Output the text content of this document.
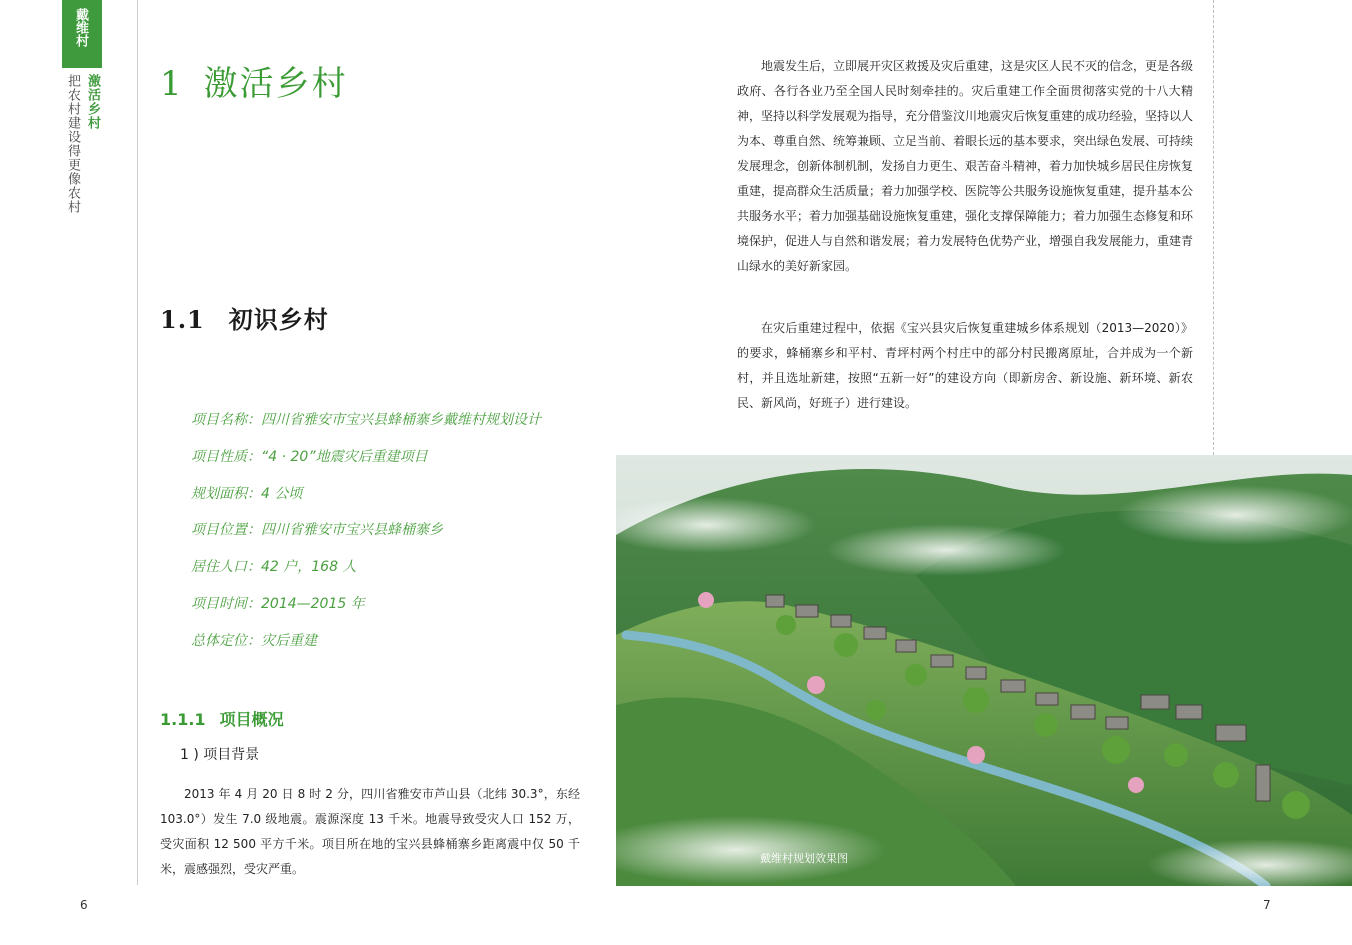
戴维村
把农村建设得更像农村 激活乡村 1 激活乡村
1.1 初识乡村
项目名称：四川省雅安市宝兴县蜂桶寨乡戴维村规划设计
项目性质：“4 · 20”地震灾后重建项目
规划面积：4 公顷
项目位置：四川省雅安市宝兴县蜂桶寨乡
居住人口：42 户，168 人
项目时间：2014—2015 年
总体定位：灾后重建
1.1.1 项目概况
1 ) 项目背景
2013 年 4 月 20 日 8 时 2 分，四川省雅安市芦山县（北纬 30.3°，东经 103.0°）发生 7.0 级地震。震源深度 13 千米。地震导致受灾人口 152 万，受灾面积 12 500 平方千米。项目所在地的宝兴县蜂桶寨乡距离震中仅 50 千米，震感强烈，受灾严重。
地震发生后，立即展开灾区救援及灾后重建，这是灾区人民不灭的信念，更是各级政府、各行各业乃至全国人民时刻牵挂的。灾后重建工作全面贯彻落实党的十八大精神，坚持以科学发展观为指导，充分借鉴汶川地震灾后恢复重建的成功经验，坚持以人为本、尊重自然、统筹兼顾、立足当前、着眼长远的基本要求，突出绿色发展、可持续发展理念，创新体制机制，发扬自力更生、艰苦奋斗精神，着力加快城乡居民住房恢复重建，提高群众生活质量；着力加强学校、医院等公共服务设施恢复重建，提升基本公共服务水平；着力加强基础设施恢复重建，强化支撑保障能力；着力加强生态修复和环境保护，促进人与自然和谐发展；着力发展特色优势产业，增强自我发展能力，重建青山绿水的美好新家园。
在灾后重建过程中，依据《宝兴县灾后恢复重建城乡体系规划（2013—2020）》的要求，蜂桶寨乡和平村、青坪村两个村庄中的部分村民搬离原址，合并成为一个新村，并且选址新建，按照“五新一好”的建设方向（即新房舍、新设施、新环境、新农民、新风尚，好班子）进行建设。
戴维村规划效果图
6	7
